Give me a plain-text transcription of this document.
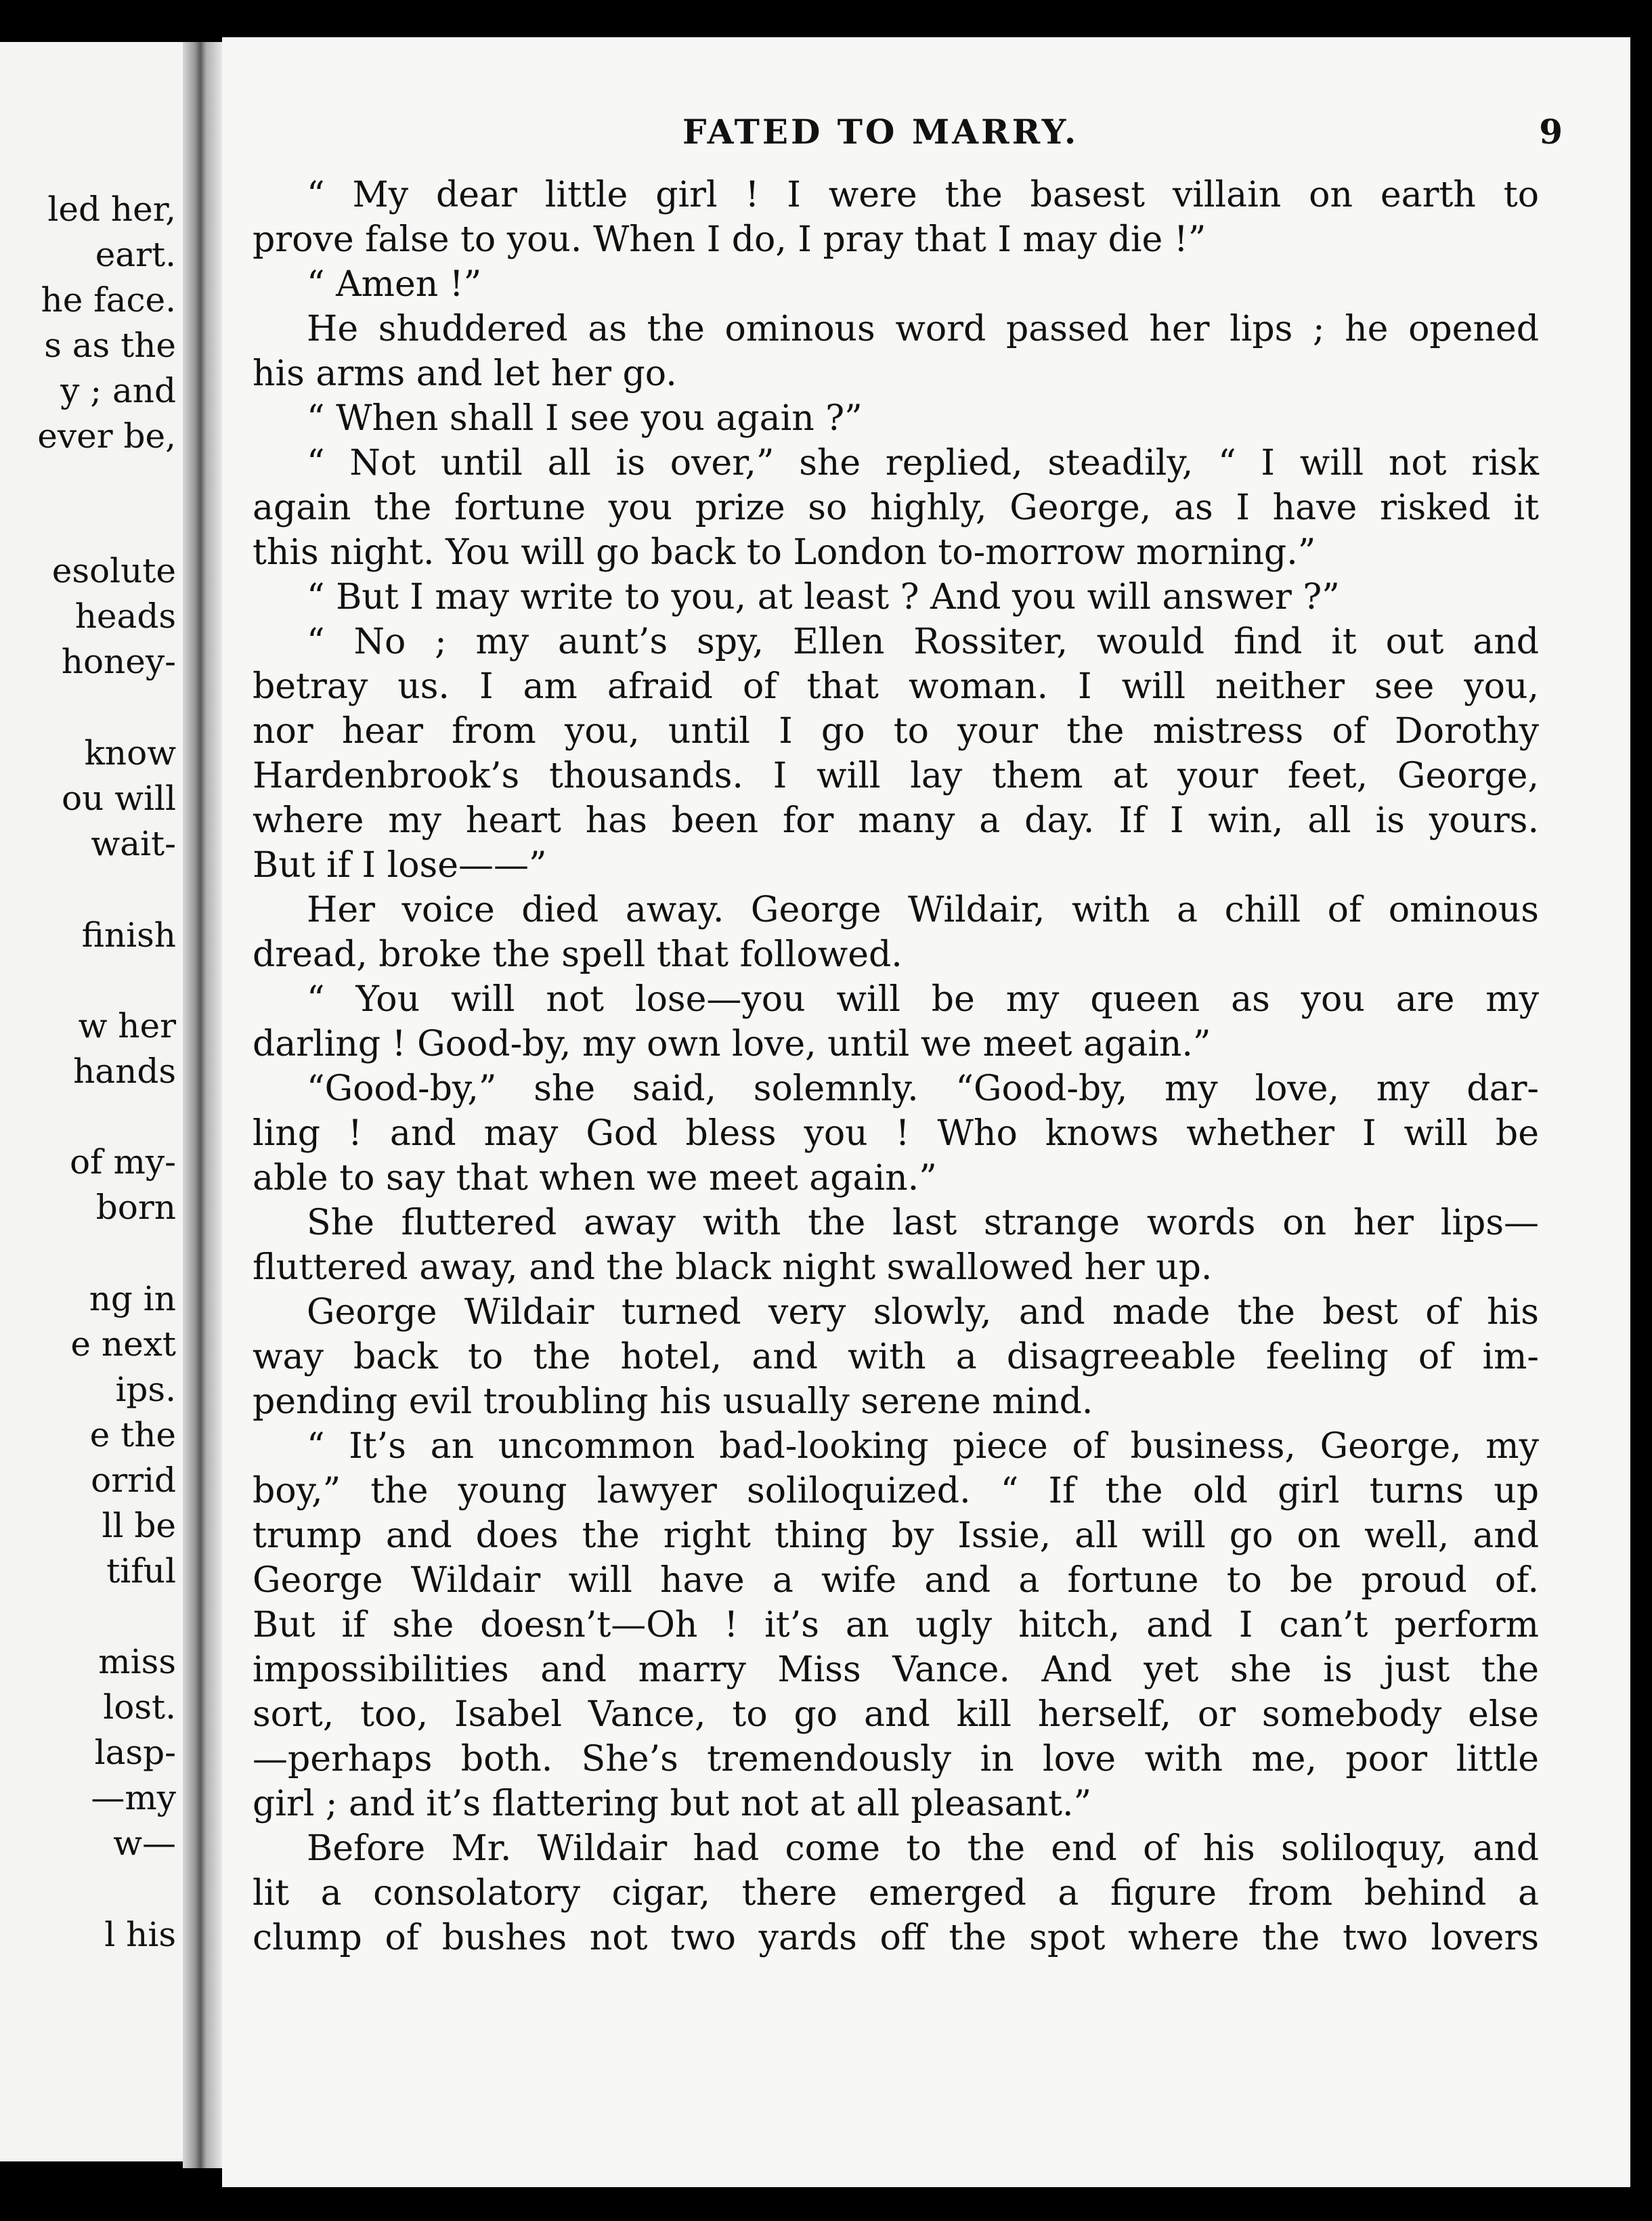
led her,
eart.
he face.
s as the
y ; and
ever be,
esolute
heads
honey-
know
ou will
wait-
finish
w her
hands
of my-
born
ng in
e next
ips.
e the
orrid
ll be
tiful
miss
lost.
lasp-
—my
w—
l his
FATED TO MARRY.	9
“ My dear little girl ! I were the basest villain on earth to
prove false to you. When I do, I pray that I may die !”
“ Amen !”
He shuddered as the ominous word passed her lips ; he opened
his arms and let her go.
“ When shall I see you again ?”
“ Not until all is over,” she replied, steadily, “ I will not risk
again the fortune you prize so highly, George, as I have risked it
this night. You will go back to London to-morrow morning.”
“ But I may write to you, at least ? And you will answer ?”
“ No ; my aunt’s spy, Ellen Rossiter, would find it out and
betray us. I am afraid of that woman. I will neither see you,
nor hear from you, until I go to your the mistress of Dorothy
Hardenbrook’s thousands. I will lay them at your feet, George,
where my heart has been for many a day. If I win, all is yours.
But if I lose——”
Her voice died away. George Wildair, with a chill of ominous
dread, broke the spell that followed.
“ You will not lose—you will be my queen as you are my
darling ! Good-by, my own love, until we meet again.”
“Good-by,” she said, solemnly. “Good-by, my love, my dar-
ling ! and may God bless you ! Who knows whether I will be
able to say that when we meet again.”
She fluttered away with the last strange words on her lips—
fluttered away, and the black night swallowed her up.
George Wildair turned very slowly, and made the best of his
way back to the hotel, and with a disagreeable feeling of im-
pending evil troubling his usually serene mind.
“ It’s an uncommon bad-looking piece of business, George, my
boy,” the young lawyer soliloquized. “ If the old girl turns up
trump and does the right thing by Issie, all will go on well, and
George Wildair will have a wife and a fortune to be proud of.
But if she doesn’t—Oh ! it’s an ugly hitch, and I can’t perform
impossibilities and marry Miss Vance. And yet she is just the
sort, too, Isabel Vance, to go and kill herself, or somebody else
—perhaps both. She’s tremendously in love with me, poor little
girl ; and it’s flattering but not at all pleasant.”
Before Mr. Wildair had come to the end of his soliloquy, and
lit a consolatory cigar, there emerged a figure from behind a
clump of bushes not two yards off the spot where the two lovers
